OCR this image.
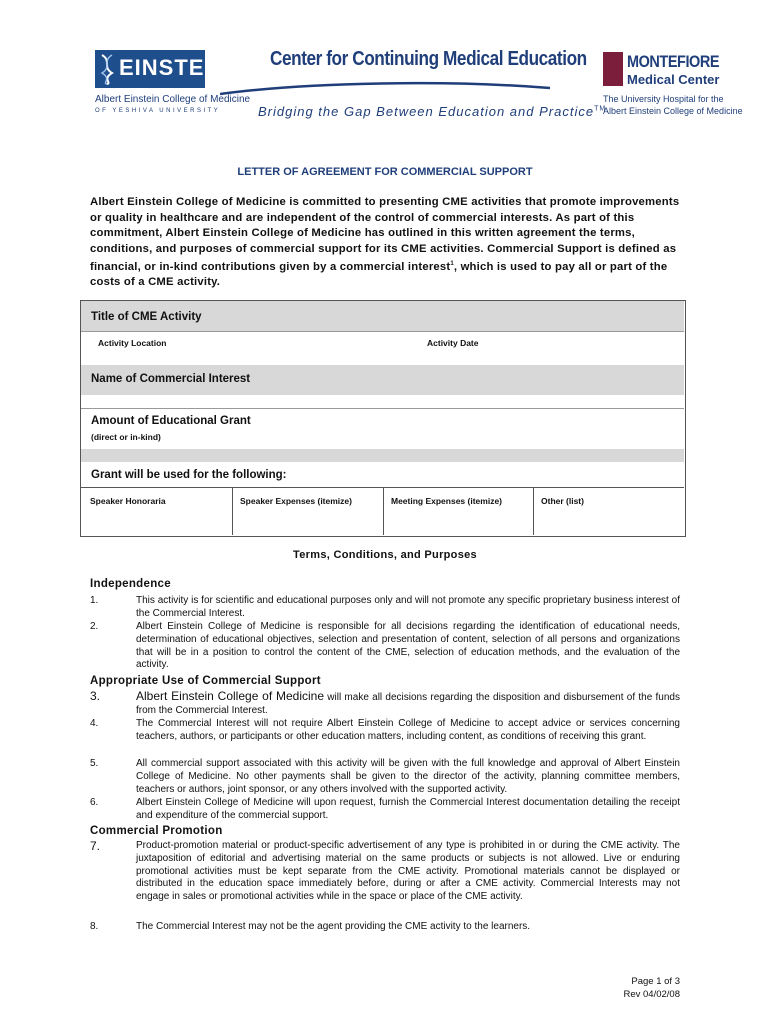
EINSTEIN
Albert Einstein College of Medicine
OF YESHIVA UNIVERSITY
Center for Continuing Medical Education
Bridging the Gap Between Education and Practice™
MONTEFIORE
Medical Center
The University Hospital for the
Albert Einstein College of Medicine
LETTER OF AGREEMENT FOR COMMERCIAL SUPPORT
Albert Einstein College of Medicine is committed to presenting CME activities that promote improvements or quality in healthcare and are independent of the control of commercial interests. As part of this commitment, Albert Einstein College of Medicine has outlined in this written agreement the terms, conditions, and purposes of commercial support for its CME activities. Commercial Support is defined as financial, or in-kind contributions given by a commercial interest$^1$, which is used to pay all or part of the costs of a CME activity.
Title of CME Activity
Activity Location	Activity Date
Name of Commercial Interest
Amount of Educational Grant
(direct or in-kind)
Grant will be used for the following:
Speaker Honoraria	Speaker Expenses (itemize)	Meeting Expenses (itemize)	Other (list)
Terms, Conditions, and Purposes
Independence
1.	This activity is for scientific and educational purposes only and will not promote any specific proprietary business interest of the Commercial Interest.
2.	Albert Einstein College of Medicine is responsible for all decisions regarding the identification of educational needs, determination of educational objectives, selection and presentation of content, selection of all persons and organizations that will be in a position to control the content of the CME, selection of education methods, and the evaluation of the activity.
Appropriate Use of Commercial Support
3.	Albert Einstein College of Medicine will make all decisions regarding the disposition and disbursement of the funds from the Commercial Interest.
4.	The Commercial Interest will not require Albert Einstein College of Medicine to accept advice or services concerning teachers, authors, or participants or other education matters, including content, as conditions of receiving this grant.
5.	All commercial support associated with this activity will be given with the full knowledge and approval of Albert Einstein College of Medicine. No other payments shall be given to the director of the activity, planning committee members, teachers or authors, joint sponsor, or any others involved with the supported activity.
6.	Albert Einstein College of Medicine will upon request, furnish the Commercial Interest documentation detailing the receipt and expenditure of the commercial support.
Commercial Promotion
7.	Product-promotion material or product-specific advertisement of any type is prohibited in or during the CME activity. The juxtaposition of editorial and advertising material on the same products or subjects is not allowed. Live or enduring promotional activities must be kept separate from the CME activity. Promotional materials cannot be displayed or distributed in the education space immediately before, during or after a CME activity. Commercial Interests may not engage in sales or promotional activities while in the space or place of the CME activity.
8.	The Commercial Interest may not be the agent providing the CME activity to the learners.
Page 1 of 3
Rev 04/02/08
